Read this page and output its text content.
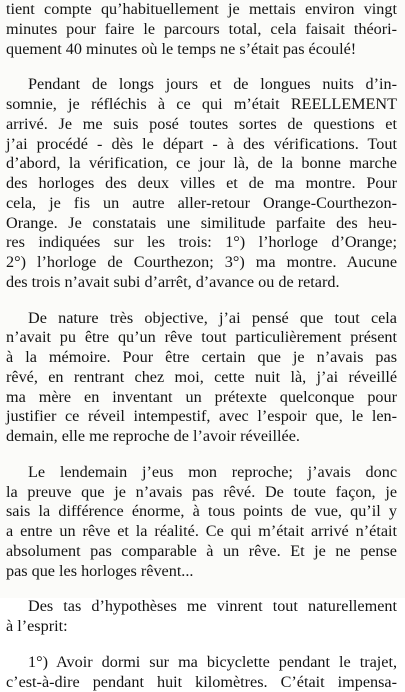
tient compte qu’habituellement je mettais environ vingt
minutes pour faire le parcours total, cela faisait théori-
quement 40 minutes où le temps ne s’était pas écoulé!
Pendant de longs jours et de longues nuits d’in-
somnie, je réfléchis à ce qui m’était REELLEMENT
arrivé. Je me suis posé toutes sortes de questions et
j’ai procédé - dès le départ - à des vérifications. Tout
d’abord, la vérification, ce jour là, de la bonne marche
des horloges des deux villes et de ma montre. Pour
cela, je fis un autre aller-retour Orange-Courthezon-
Orange. Je constatais une similitude parfaite des heu-
res indiquées sur les trois: 1°) l’horloge d’Orange;
2°) l’horloge de Courthezon; 3°) ma montre. Aucune
des trois n’avait subi d’arrêt, d’avance ou de retard.
De nature très objective, j’ai pensé que tout cela
n’avait pu être qu’un rêve tout particulièrement présent
à la mémoire. Pour être certain que je n’avais pas
rêvé, en rentrant chez moi, cette nuit là, j’ai réveillé
ma mère en inventant un prétexte quelconque pour
justifier ce réveil intempestif, avec l’espoir que, le len-
demain, elle me reproche de l’avoir réveillée.
Le lendemain j’eus mon reproche; j’avais donc
la preuve que je n’avais pas rêvé. De toute façon, je
sais la différence énorme, à tous points de vue, qu’il y
a entre un rêve et la réalité. Ce qui m’était arrivé n’était
absolument pas comparable à un rêve. Et je ne pense
pas que les horloges rêvent...
Des tas d’hypothèses me vinrent tout naturellement
à l’esprit:
1°) Avoir dormi sur ma bicyclette pendant le trajet,
c’est-à-dire pendant huit kilomètres. C’était impensa-
